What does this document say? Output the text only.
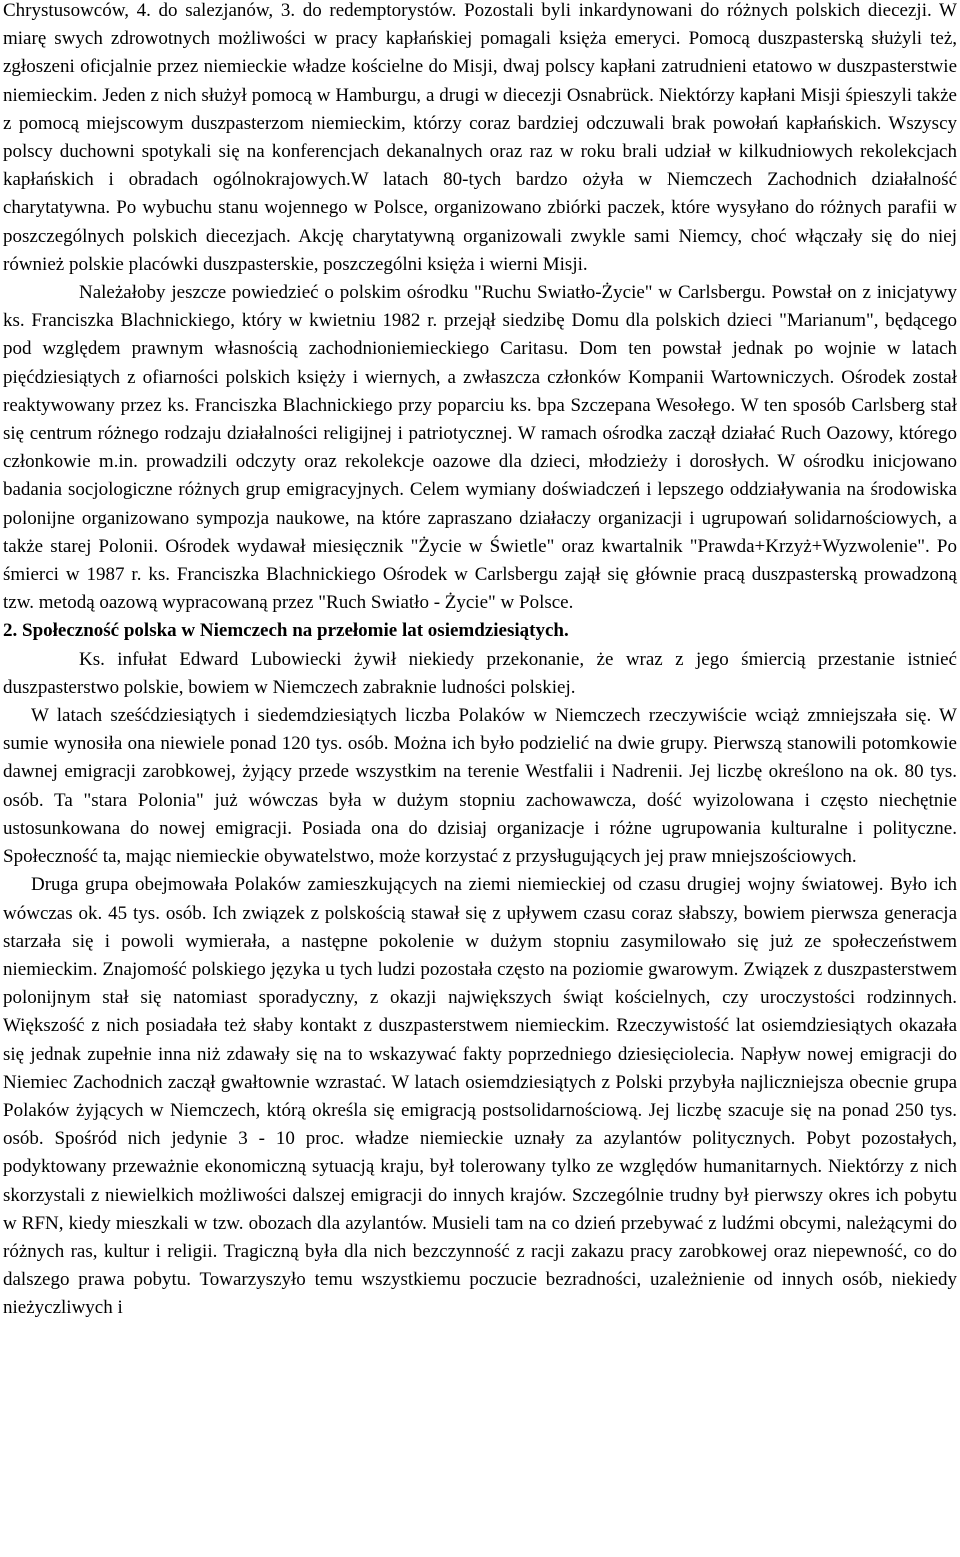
Chrystusowców, 4. do salezjanów, 3. do redemptorystów. Pozostali byli inkardynowani do różnych polskich diecezji. W miarę swych zdrowotnych możliwości w pracy kapłańskiej pomagali księża emeryci. Pomocą duszpasterską służyli też, zgłoszeni oficjalnie przez niemieckie władze kościelne do Misji, dwaj polscy kapłani zatrudnieni etatowo w duszpasterstwie niemieckim. Jeden z nich służył pomocą w Hamburgu, a drugi w diecezji Osnabrück. Niektórzy kapłani Misji śpieszyli także z pomocą miejscowym duszpasterzom niemieckim, którzy coraz bardziej odczuwali brak powołań kapłańskich. Wszyscy polscy duchowni spotykali się na konferencjach dekanalnych oraz raz w roku brali udział w kilkudniowych rekolekcjach kapłańskich i obradach ogólnokrajowych.W latach 80-tych bardzo ożyła w Niemczech Zachodnich działalność charytatywna. Po wybuchu stanu wojennego w Polsce, organizowano zbiórki paczek, które wysyłano do różnych parafii w poszczególnych polskich diecezjach. Akcję charytatywną organizowali zwykle sami Niemcy, choć włączały się do niej również polskie placówki duszpasterskie, poszczególni księża i wierni Misji.

Należałoby jeszcze powiedzieć o polskim ośrodku "Ruchu Swiatło-Życie" w Carlsbergu. Powstał on z inicjatywy ks. Franciszka Blachnickiego, który w kwietniu 1982 r. przejął siedzibę Domu dla polskich dzieci "Marianum", będącego pod względem prawnym własnością zachodnioniemieckiego Caritasu. Dom ten powstał jednak po wojnie w latach pięćdziesiątych z ofiarności polskich księży i wiernych, a zwłaszcza członków Kompanii Wartowniczych. Ośrodek został reaktywowany przez ks. Franciszka Blachnickiego przy poparciu ks. bpa Szczepana Wesołego. W ten sposób Carlsberg stał się centrum różnego rodzaju działalności religijnej i patriotycznej. W ramach ośrodka zaczął działać Ruch Oazowy, którego członkowie m.in. prowadzili odczyty oraz rekolekcje oazowe dla dzieci, młodzieży i dorosłych. W ośrodku inicjowano badania socjologiczne różnych grup emigracyjnych. Celem wymiany doświadczeń i lepszego oddziaływania na środowiska polonijne organizowano sympozja naukowe, na które zapraszano działaczy organizacji i ugrupowań solidarnościowych, a także starej Polonii. Ośrodek wydawał miesięcznik "Życie w Świetle" oraz kwartalnik "Prawda+Krzyż+Wyzwolenie". Po śmierci w 1987 r. ks. Franciszka Blachnickiego Ośrodek w Carlsbergu zajął się głównie pracą duszpasterską prowadzoną tzw. metodą oazową wypracowaną przez "Ruch Swiatło - Życie" w Polsce.

2. Społeczność polska w Niemczech na przełomie lat osiemdziesiątych.

Ks. infułat Edward Lubowiecki żywił niekiedy przekonanie, że wraz z jego śmiercią przestanie istnieć duszpasterstwo polskie, bowiem w Niemczech zabraknie ludności polskiej.

W latach sześćdziesiątych i siedemdziesiątych liczba Polaków w Niemczech rzeczywiście wciąż zmniejszała się. W sumie wynosiła ona niewiele ponad 120 tys. osób. Można ich było podzielić na dwie grupy. Pierwszą stanowili potomkowie dawnej emigracji zarobkowej, żyjący przede wszystkim na terenie Westfalii i Nadrenii. Jej liczbę określono na ok. 80 tys. osób. Ta "stara Polonia" już wówczas była w dużym stopniu zachowawcza, dość wyizolowana i często niechętnie ustosunkowana do nowej emigracji. Posiada ona do dzisiaj organizacje i różne ugrupowania kulturalne i polityczne. Społeczność ta, mając niemieckie obywatelstwo, może korzystać z przysługujących jej praw mniejszościowych.

Druga grupa obejmowała Polaków zamieszkujących na ziemi niemieckiej od czasu drugiej wojny światowej. Było ich wówczas ok. 45 tys. osób. Ich związek z polskością stawał się z upływem czasu coraz słabszy, bowiem pierwsza generacja starzała się i powoli wymierała, a następne pokolenie w dużym stopniu zasymilowało się już ze społeczeństwem niemieckim. Znajomość polskiego języka u tych ludzi pozostała często na poziomie gwarowym. Związek z duszpasterstwem polonijnym stał się natomiast sporadyczny, z okazji największych świąt kościelnych, czy uroczystości rodzinnych. Większość z nich posiadała też słaby kontakt z duszpasterstwem niemieckim. Rzeczywistość lat osiemdziesiątych okazała się jednak zupełnie inna niż zdawały się na to wskazywać fakty poprzedniego dziesięciolecia. Napływ nowej emigracji do Niemiec Zachodnich zaczął gwałtownie wzrastać. W latach osiemdziesiątych z Polski przybyła najliczniejsza obecnie grupa Polaków żyjących w Niemczech, którą określa się emigracją postsolidarnościową. Jej liczbę szacuje się na ponad 250 tys. osób. Spośród nich jedynie 3 - 10 proc. władze niemieckie uznały za azylantów politycznych. Pobyt pozostałych, podyktowany przeważnie ekonomiczną sytuacją kraju, był tolerowany tylko ze względów humanitarnych. Niektórzy z nich skorzystali z niewielkich możliwości dalszej emigracji do innych krajów. Szczególnie trudny był pierwszy okres ich pobytu w RFN, kiedy mieszkali w tzw. obozach dla azylantów. Musieli tam na co dzień przebywać z ludźmi obcymi, należącymi do różnych ras, kultur i religii. Tragiczną była dla nich bezczynność z racji zakazu pracy zarobkowej oraz niepewność, co do dalszego prawa pobytu. Towarzyszyło temu wszystkiemu poczucie bezradności, uzależnienie od innych osób, niekiedy nieżyczliwych i
